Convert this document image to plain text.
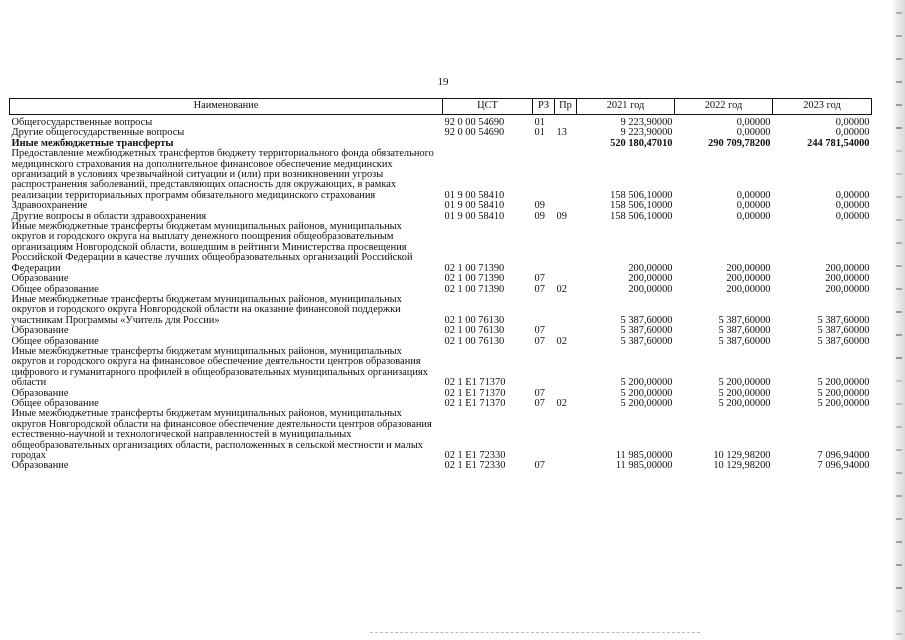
19
Наименование	ЦСТ	РЗ	Пр	2021 год	2022 год	2023 год
Общегосударственные вопросы	92 0 00 54690	01		9 223,90000	0,00000	0,00000
Другие общегосударственные вопросы	92 0 00 54690	01	13	9 223,90000	0,00000	0,00000
Иные межбюджетные трансферты				520 180,47010	290 709,78200	244 781,54000
Предоставление межбюджетных трансфертов бюджету территориального фонда обязательного медицинского страхования на дополнительное финансовое обеспечение медицинских организаций в условиях чрезвычайной ситуации и (или) при возникновении угрозы распространения заболеваний, представляющих опасность для окружающих, в рамках реализации территориальных программ обязательного медицинского страхования	01 9 00 58410			158 506,10000	0,00000	0,00000
Здравоохранение	01 9 00 58410	09		158 506,10000	0,00000	0,00000
Другие вопросы в области здравоохранения	01 9 00 58410	09	09	158 506,10000	0,00000	0,00000
Иные межбюджетные трансферты бюджетам муниципальных районов, муниципальных округов и городского округа на выплату денежного поощрения общеобразовательным организациям Новгородской области, вошедшим в рейтинги Министерства просвещения Российской Федерации в качестве лучших общеобразовательных организаций Российской Федерации	02 1 00 71390			200,00000	200,00000	200,00000
Образование	02 1 00 71390	07		200,00000	200,00000	200,00000
Общее образование	02 1 00 71390	07	02	200,00000	200,00000	200,00000
Иные межбюджетные трансферты бюджетам муниципальных районов, муниципальных округов и городского округа Новгородской области на оказание финансовой поддержки участникам Программы «Учитель для России»	02 1 00 76130			5 387,60000	5 387,60000	5 387,60000
Образование	02 1 00 76130	07		5 387,60000	5 387,60000	5 387,60000
Общее образование	02 1 00 76130	07	02	5 387,60000	5 387,60000	5 387,60000
Иные межбюджетные трансферты бюджетам муниципальных районов, муниципальных округов и городского округа на финансовое обеспечение деятельности центров образования цифрового и гуманитарного профилей в общеобразовательных муниципальных организациях области	02 1 Е1 71370			5 200,00000	5 200,00000	5 200,00000
Образование	02 1 Е1 71370	07		5 200,00000	5 200,00000	5 200,00000
Общее образование	02 1 Е1 71370	07	02	5 200,00000	5 200,00000	5 200,00000
Иные межбюджетные трансферты бюджетам муниципальных районов, муниципальных округов Новгородской области на финансовое обеспечение деятельности центров образования естественно-научной и технологической направленностей в муниципальных общеобразовательных организациях области, расположенных в сельской местности и малых городах	02 1 Е1 72330			11 985,00000	10 129,98200	7 096,94000
Образование	02 1 Е1 72330	07		11 985,00000	10 129,98200	7 096,94000
